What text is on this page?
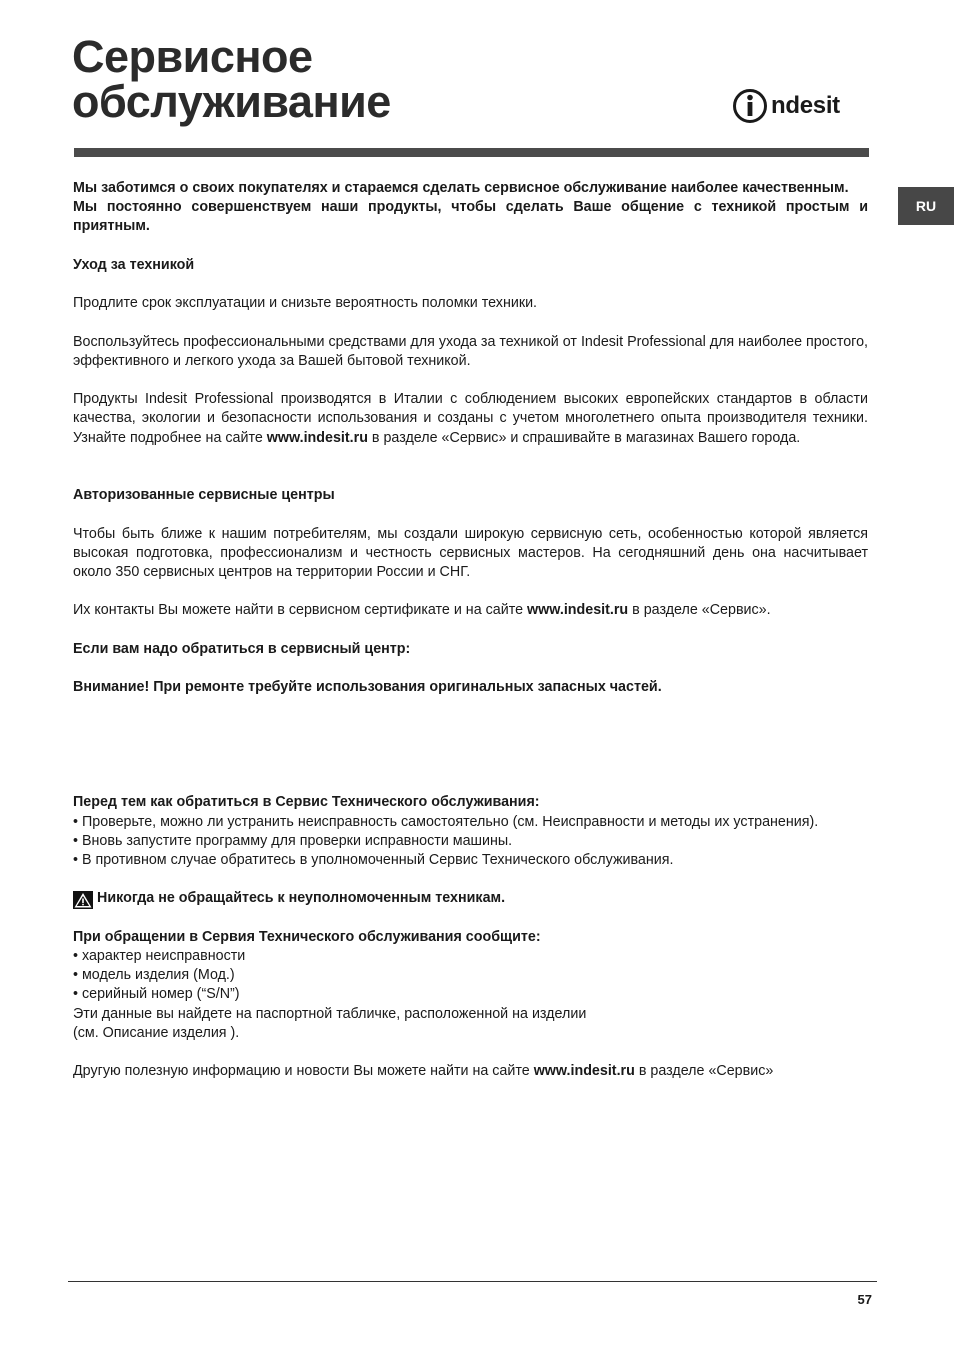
Сервисное
обслуживание	ndesit
RU

Мы заботимся о своих покупателях и стараемся сделать сервисное обслуживание наиболее качественным.

Мы постоянно совершенствуем наши продукты, чтобы сделать Ваше общение с техникой простым и приятным.

Уход за техникой

Продлите срок эксплуатации и снизьте вероятность поломки техники.

Воспользуйтесь профессиональными средствами для ухода за техникой от Indesit Professional для наиболее простого, эффективного и легкого ухода за Вашей бытовой техникой.

Продукты Indesit Professional производятся в Италии с соблюдением высоких европейских стандартов в области качества, экологии и безопасности использования и созданы с учетом многолетнего опыта производителя техники. Узнайте подробнее на сайте www.indesit.ru в разделе «Сервис» и спрашивайте в магазинах Вашего города.

Авторизованные сервисные центры

Чтобы быть ближе к нашим потребителям, мы создали широкую сервисную сеть, особенностью которой является высокая подготовка, профессионализм и честность сервисных мастеров. На сегодняшний день она насчитывает около 350 сервисных центров на территории России и СНГ.

Их контакты Вы можете найти в сервисном сертификате и на сайте www.indesit.ru в разделе «Сервис».

Если вам надо обратиться в сервисный центр:

Внимание! При ремонте требуйте использования оригинальных запасных частей.

Перед тем как обратиться в Сервис Технического обслуживания:

• Проверьте, можно ли устранить неисправность самостоятельно (см. Неисправности и методы их устранения).
• Вновь запустите программу для проверки исправности машины.
• В противном случае обратитесь в уполномоченный Сервис Технического обслуживания.
Никогда не обращайтесь к неуполномоченным техникам.

При обращении в Сервия Технического обслуживания сообщите:

• характер неисправности
• модель изделия (Мод.)
• серийный номер (“S/N”)

Эти данные вы найдете на паспортной табличке, расположенной на изделии

(см. Описание изделия ).

Другую полезную информацию и новости Вы можете найти на сайте www.indesit.ru в разделе «Сервис»

57
